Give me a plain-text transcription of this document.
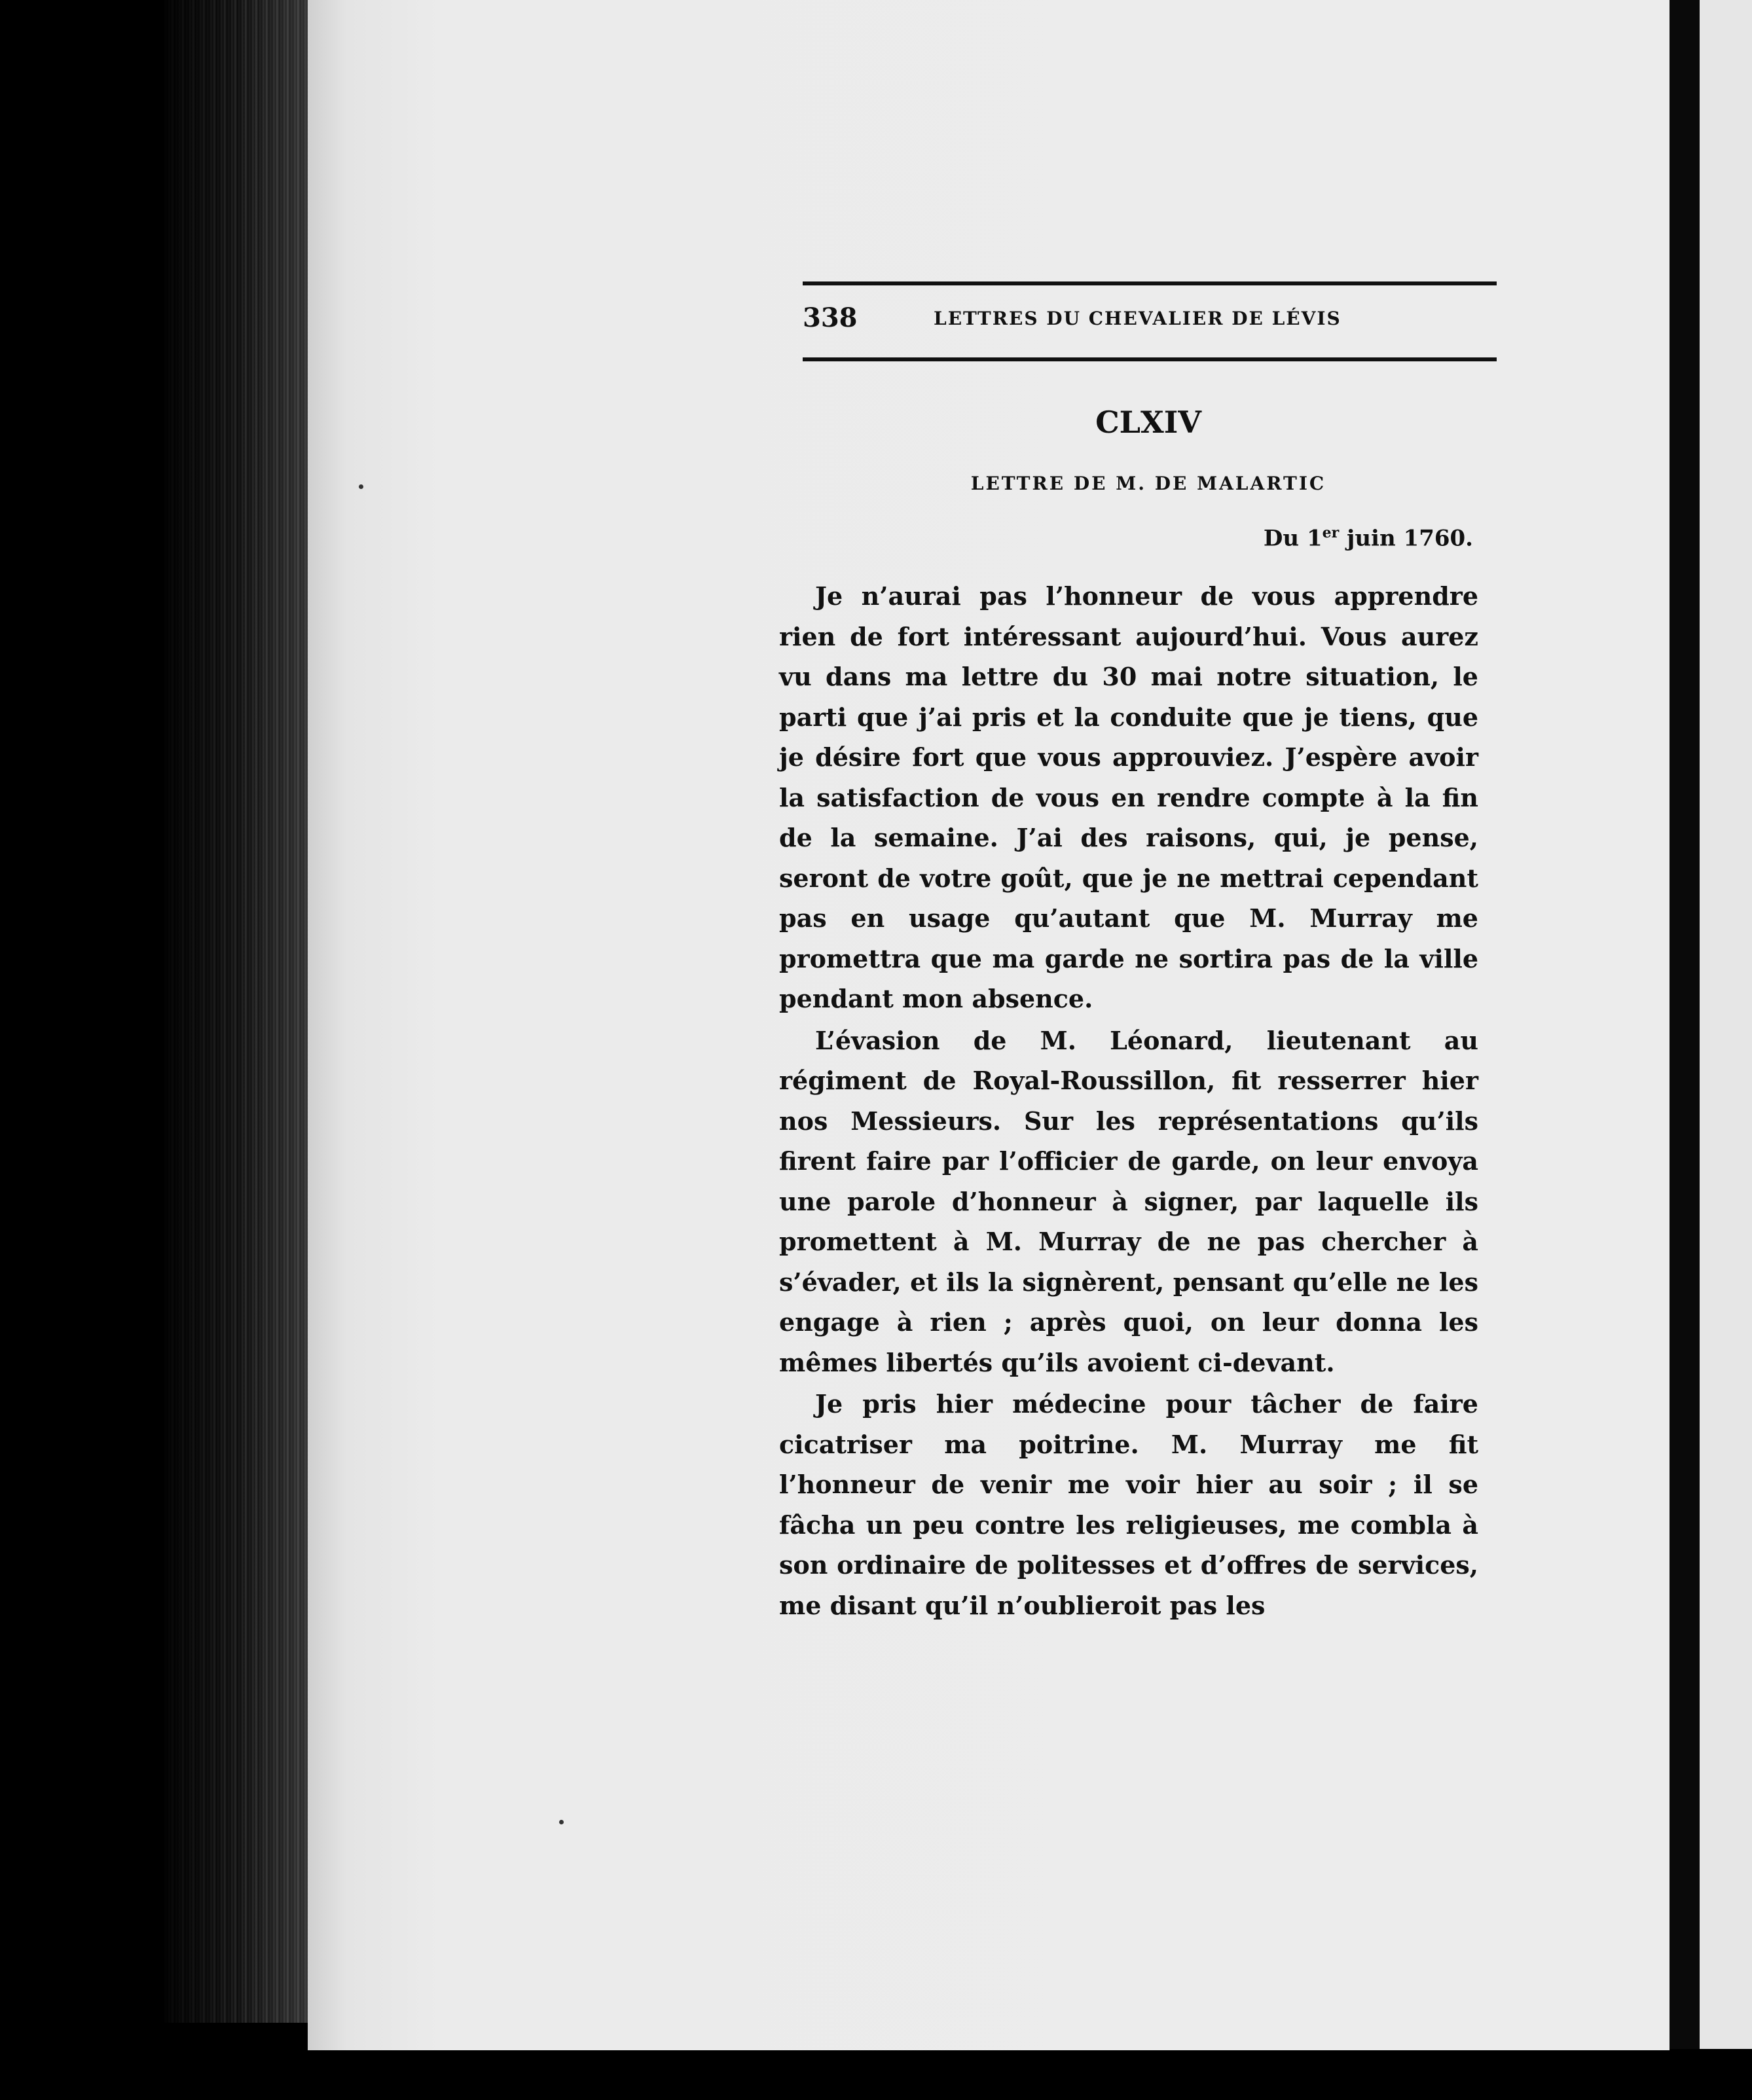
338	LETTRES DU CHEVALIER DE LÉVIS
CLXIV
LETTRE DE M. DE MALARTIC
Du 1er juin 1760.

Je n’aurai pas l’honneur de vous apprendre rien de fort intéressant aujourd’hui. Vous aurez vu dans ma lettre du 30 mai notre situation, le parti que j’ai pris et la conduite que je tiens, que je désire fort que vous approuviez. J’espère avoir la satisfaction de vous en rendre compte à la fin de la semaine. J’ai des raisons, qui, je pense, seront de votre goût, que je ne mettrai cependant pas en usage qu’autant que M. Murray me promettra que ma garde ne sortira pas de la ville pendant mon absence.

L’évasion de M. Léonard, lieutenant au régiment de Royal-Roussillon, fit resserrer hier nos Messieurs. Sur les représentations qu’ils firent faire par l’officier de garde, on leur envoya une parole d’honneur à signer, par laquelle ils promettent à M. Murray de ne pas chercher à s’évader, et ils la signèrent, pensant qu’elle ne les engage à rien ; après quoi, on leur donna les mêmes libertés qu’ils avoient ci-devant.

Je pris hier médecine pour tâcher de faire cicatriser ma poitrine. M. Murray me fit l’honneur de venir me voir hier au soir ; il se fâcha un peu contre les religieuses, me combla à son ordinaire de politesses et d’offres de services, me disant qu’il n’oublieroit pas les
